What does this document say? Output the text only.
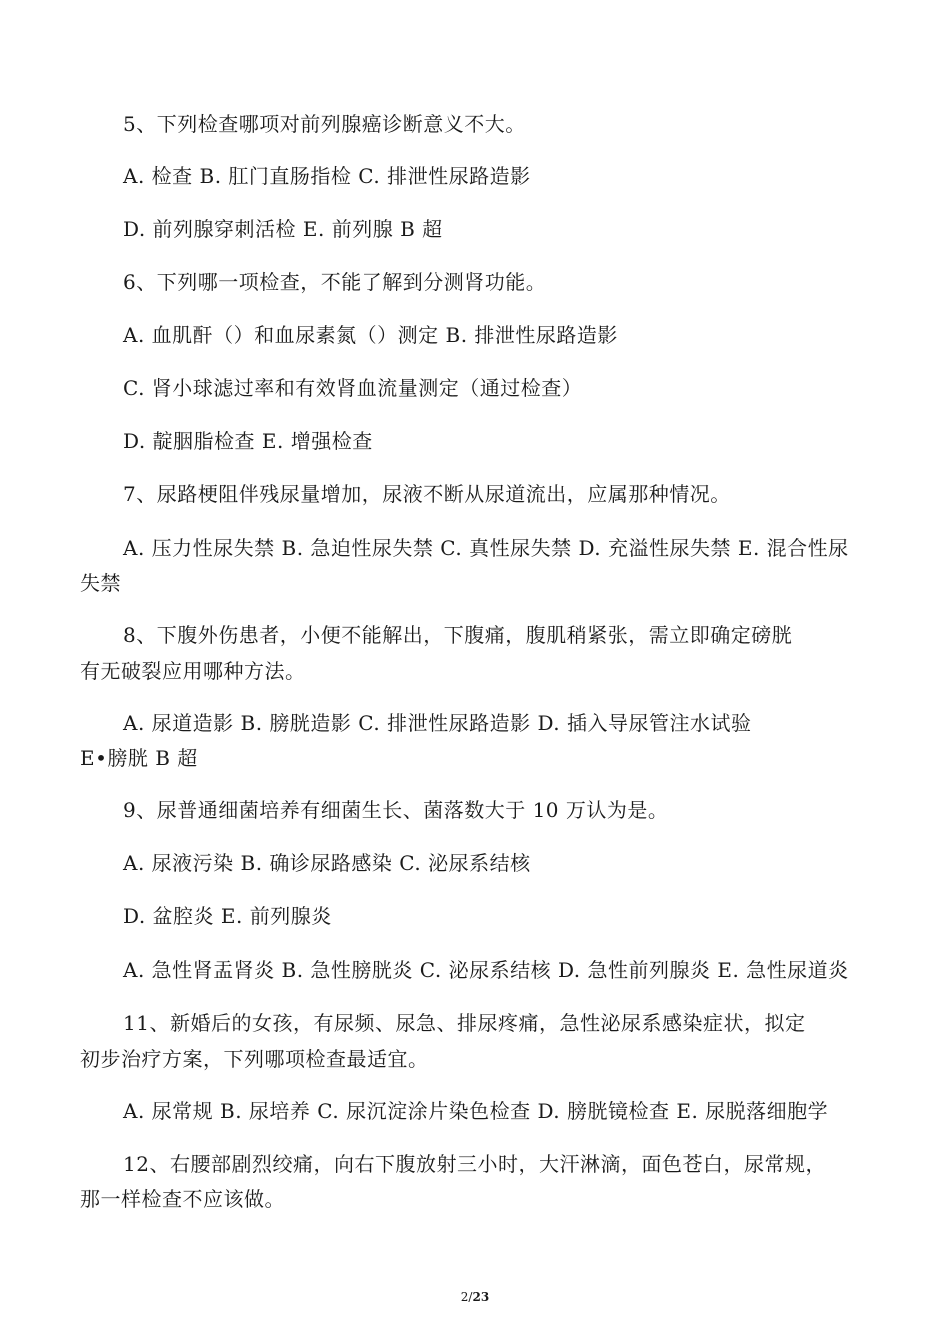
5、下列检查哪项对前列腺癌诊断意义不大。
A. 检查 B. 肛门直肠指检 C. 排泄性尿路造影
D. 前列腺穿刺活检 E. 前列腺 B 超
6、下列哪一项检查，不能了解到分测肾功能。
A. 血肌酐（）和血尿素氮（）测定 B. 排泄性尿路造影
C. 肾小球滤过率和有效肾血流量测定（通过检查）
D. 靛胭脂检查 E. 增强检查
7、尿路梗阻伴残尿量增加，尿液不断从尿道流出，应属那种情况。
A. 压力性尿失禁 B. 急迫性尿失禁 C. 真性尿失禁 D. 充溢性尿失禁 E. 混合性尿
失禁
8、下腹外伤患者，小便不能解出，下腹痛，腹肌稍紧张，需立即确定磅胱
有无破裂应用哪种方法。
A. 尿道造影 B. 膀胱造影 C. 排泄性尿路造影 D. 插入导尿管注水试验
E•膀胱 B 超
9、尿普通细菌培养有细菌生长、菌落数大于 10 万认为是。
A. 尿液污染 B. 确诊尿路感染 C. 泌尿系结核
D. 盆腔炎 E. 前列腺炎
A. 急性肾盂肾炎 B. 急性膀胱炎 C. 泌尿系结核 D. 急性前列腺炎 E. 急性尿道炎
11、新婚后的女孩，有尿频、尿急、排尿疼痛，急性泌尿系感染症状，拟定
初步治疗方案，下列哪项检查最适宜。
A. 尿常规 B. 尿培养 C. 尿沉淀涂片染色检查 D. 膀胱镜检查 E. 尿脱落细胞学
12、右腰部剧烈绞痛，向右下腹放射三小时，大汗淋滴，面色苍白，尿常规，
那一样检查不应该做。
2/23
